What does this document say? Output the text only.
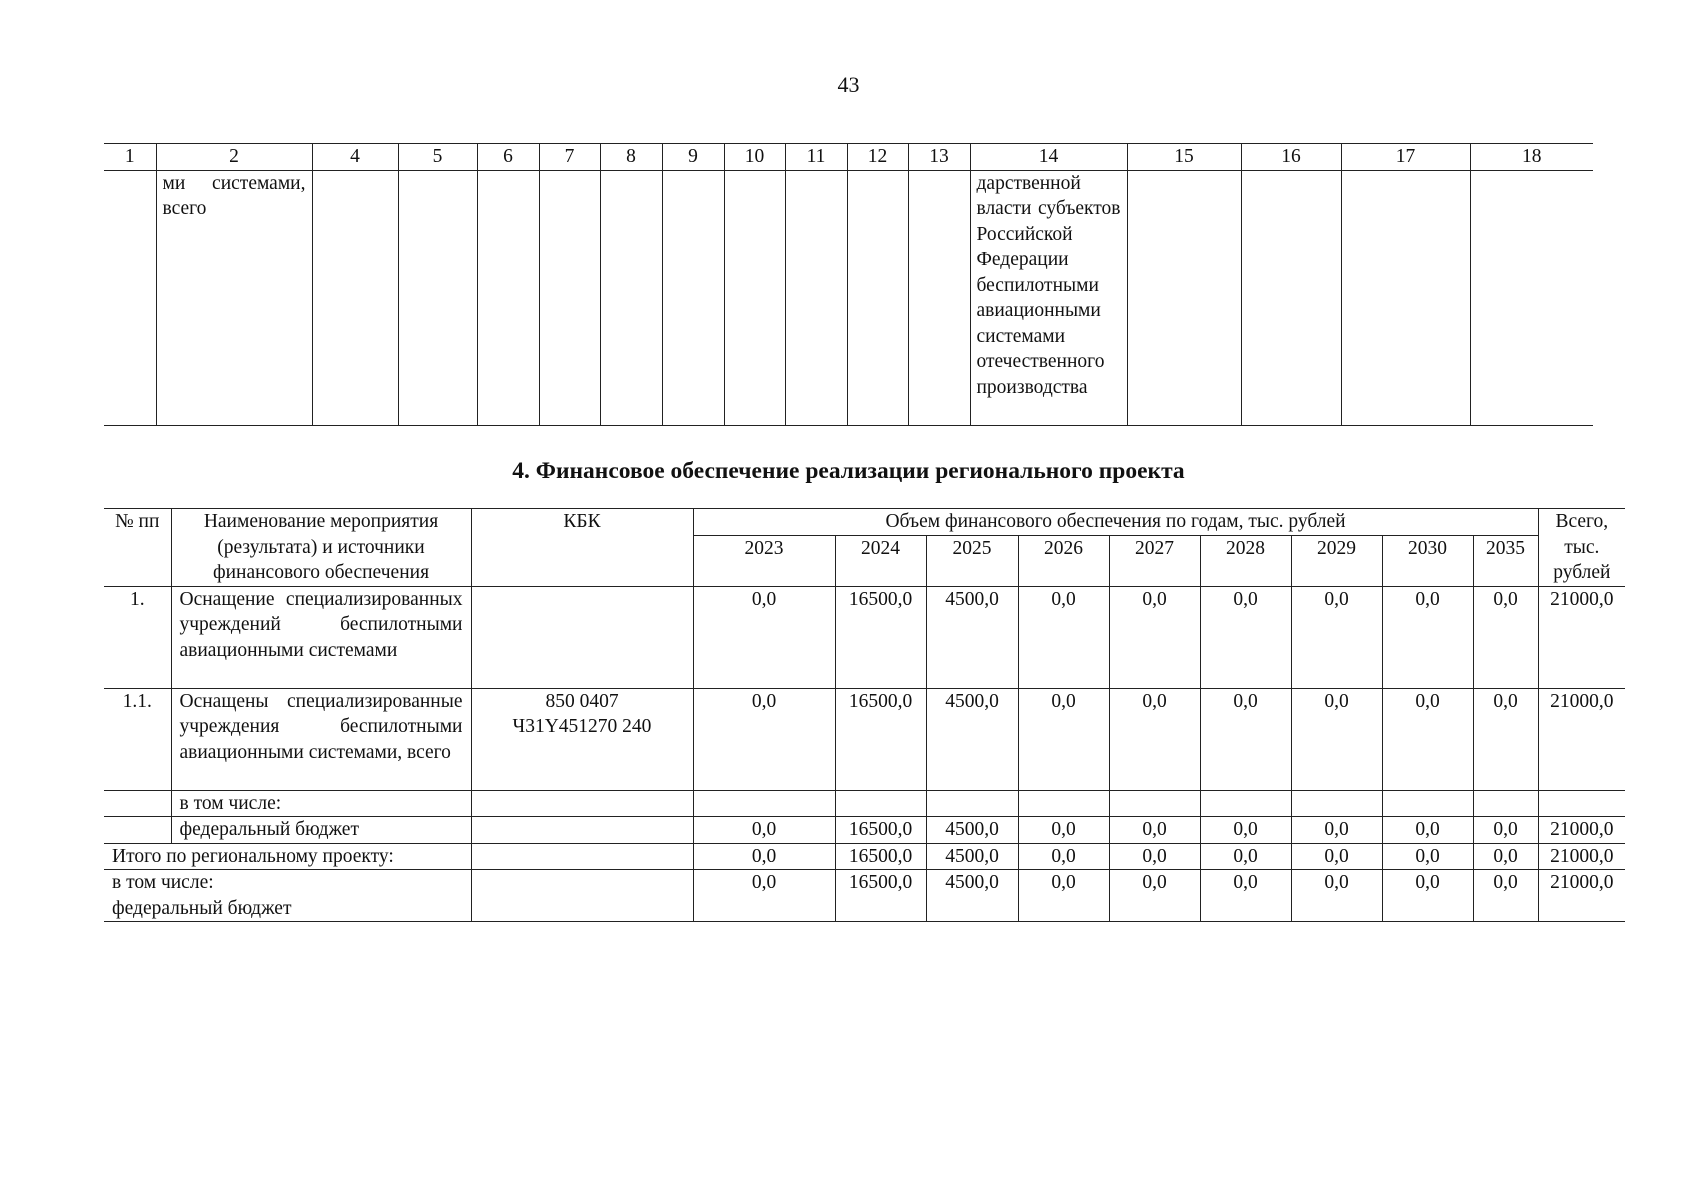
43
1	2	4	5	6	7	8	9	10	11	12	13	14	15	16	17	18
	ми системами, всего											дарственной власти субъектов Российской Федерации беспилотными авиационными системами отечественного производства				
4. Финансовое обеспечение реализации регионального проекта
№ пп	Наименование мероприятия (результата) и источники финансового обеспечения	КБК	Объем финансового обеспечения по годам, тыс. рублей									Всего, тыс. рублей
			2023	2024	2025	2026	2027	2028	2029	2030	2035	

1.	Оснащение специализированных учреждений беспилотными авиационными системами		0,0	16500,0	4500,0	0,0	0,0	0,0	0,0	0,0	0,0	21000,0
1.1.	Оснащены специализированные учреждения беспилотными авиационными системами, всего	850 0407 Ч31Y451270 240	0,0	16500,0	4500,0	0,0	0,0	0,0	0,0	0,0	0,0	21000,0
	в том числе:											
	федеральный бюджет		0,0	16500,0	4500,0	0,0	0,0	0,0	0,0	0,0	0,0	21000,0
Итого по региональному проекту:			0,0	16500,0	4500,0	0,0	0,0	0,0	0,0	0,0	0,0	21000,0
в том числе: федеральный бюджет			0,0	16500,0	4500,0	0,0	0,0	0,0	0,0	0,0	0,0	21000,0
